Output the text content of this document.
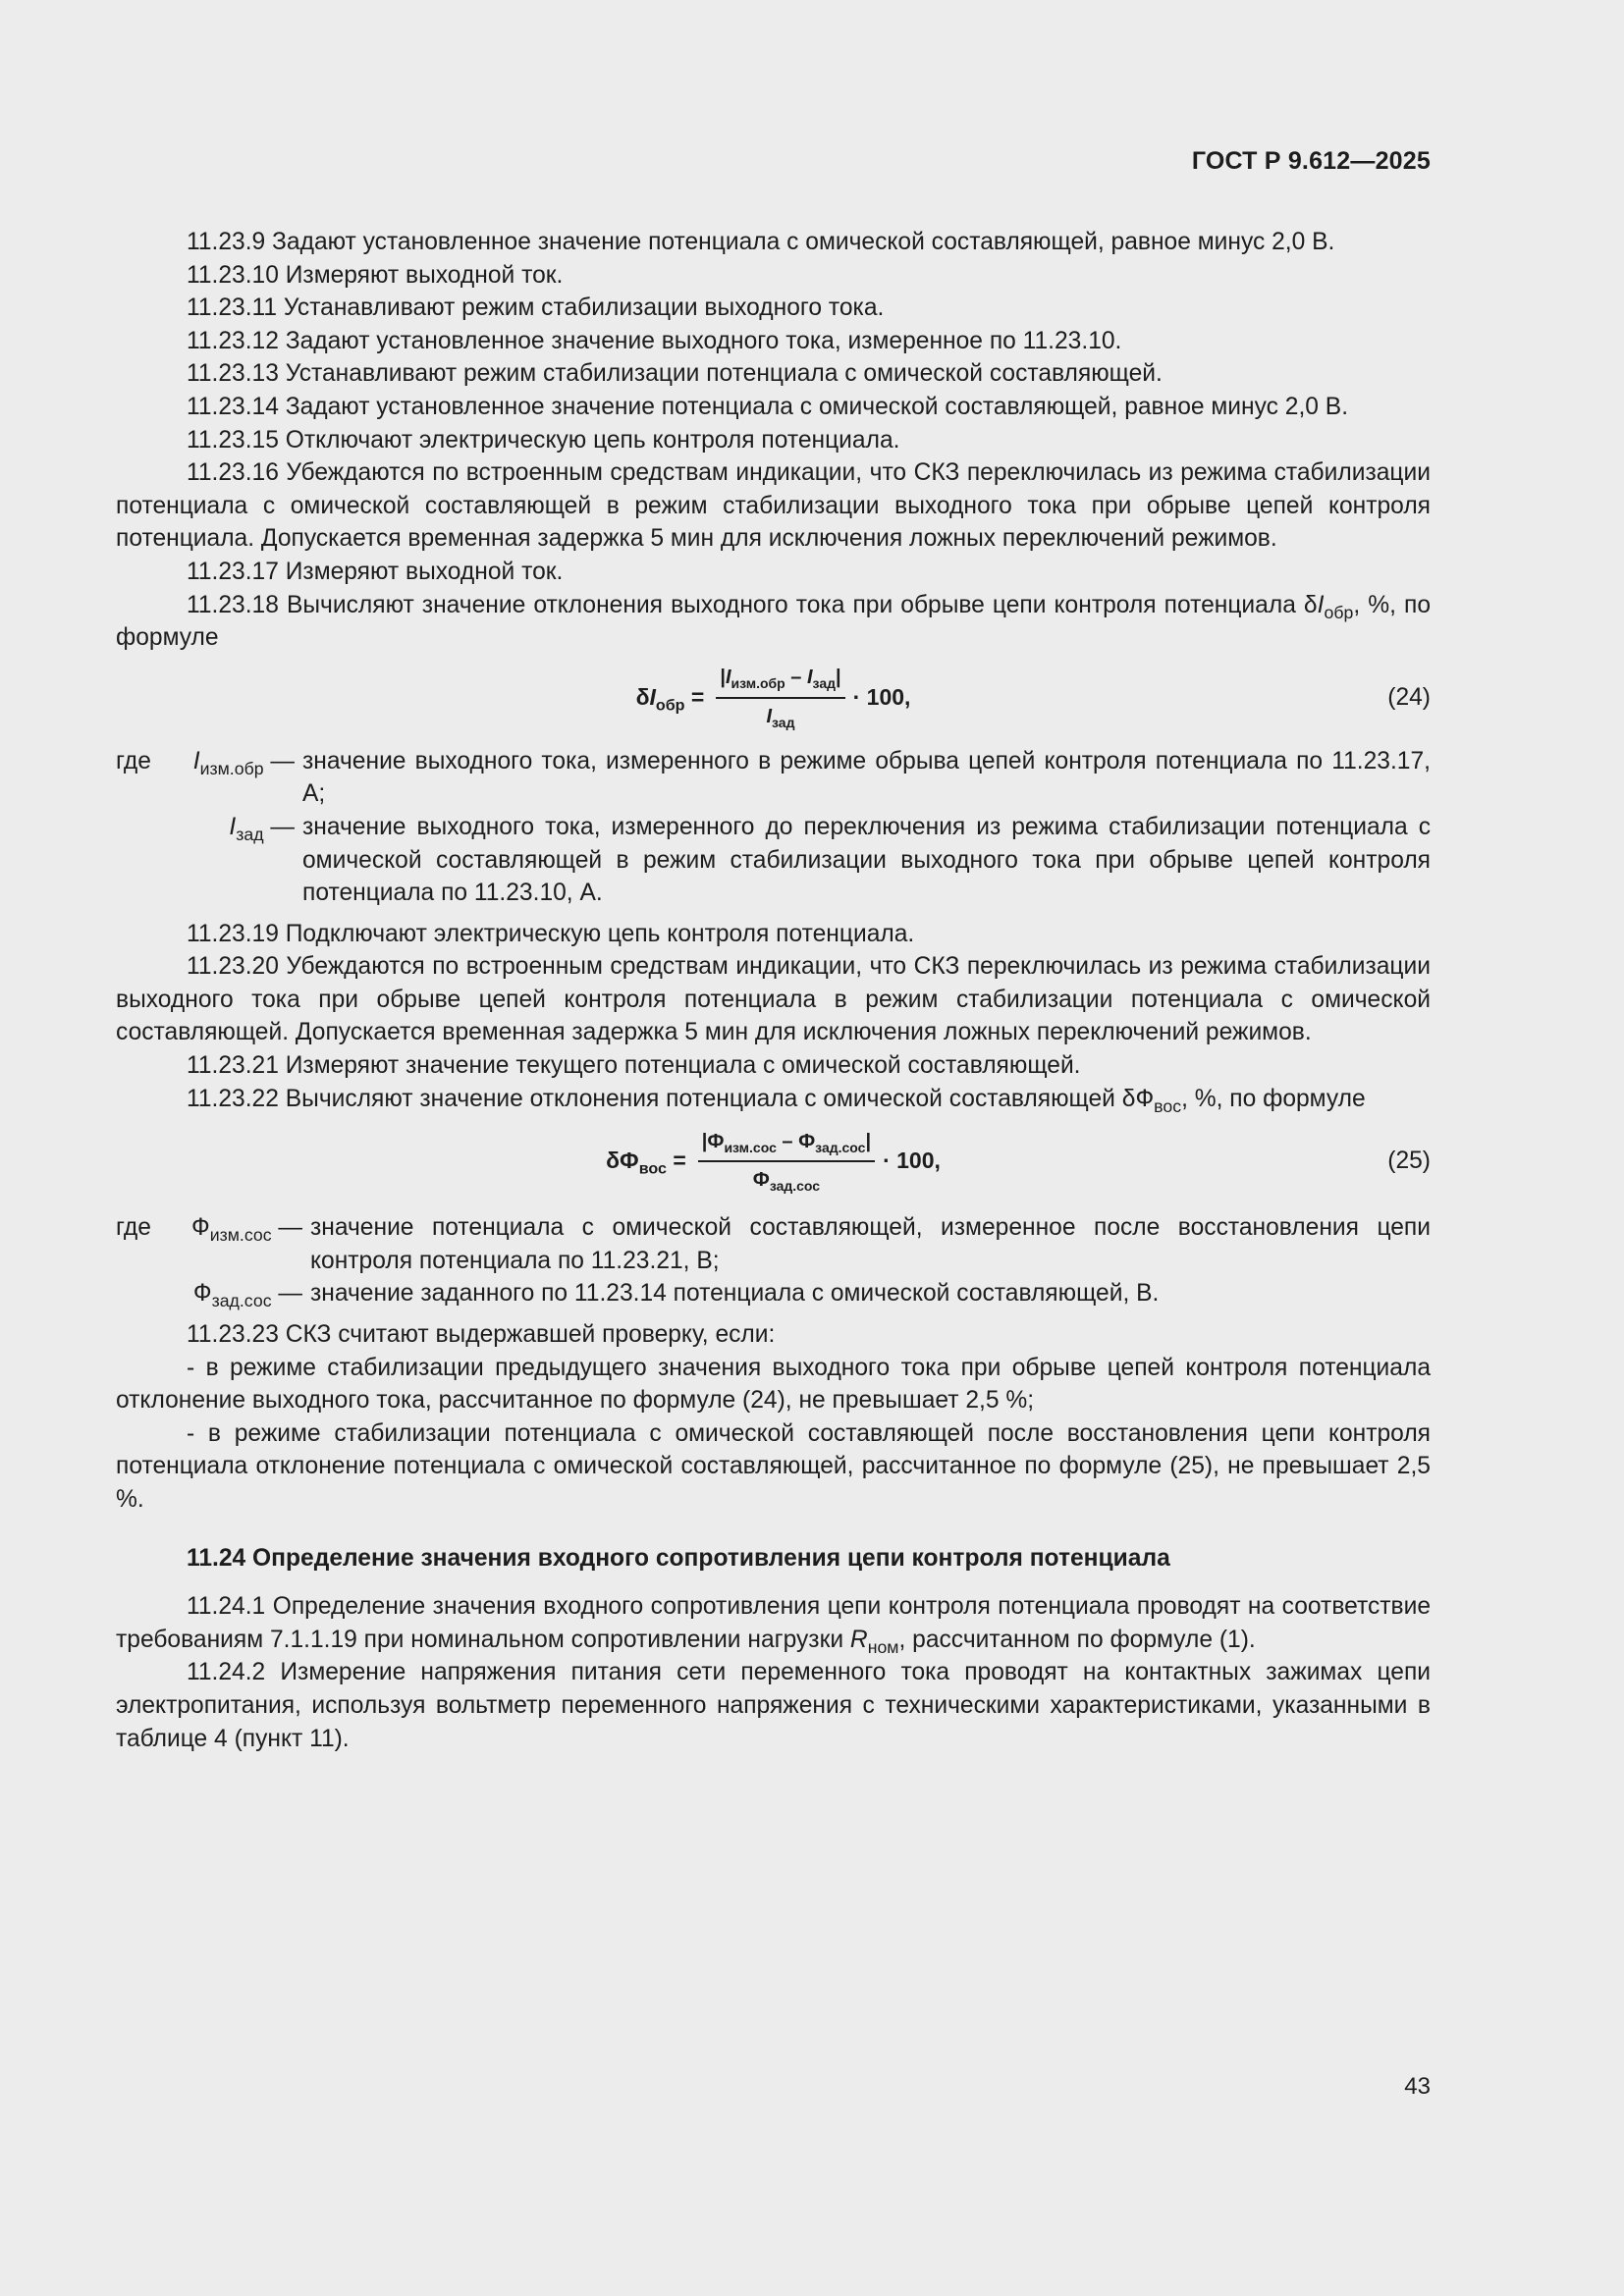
ГОСТ Р 9.612—2025

11.23.9 Задают установленное значение потенциала с омической составляющей, равное минус 2,0 В.

11.23.10 Измеряют выходной ток.

11.23.11 Устанавливают режим стабилизации выходного тока.

11.23.12 Задают установленное значение выходного тока, измеренное по 11.23.10.

11.23.13 Устанавливают режим стабилизации потенциала с омической составляющей.

11.23.14 Задают установленное значение потенциала с омической составляющей, равное минус 2,0 В.

11.23.15 Отключают электрическую цепь контроля потенциала.

11.23.16 Убеждаются по встроенным средствам индикации, что СКЗ переключилась из режима стабилизации потенциала с омической составляющей в режим стабилизации выходного тока при обрыве цепей контроля потенциала. Допускается временная задержка 5 мин для исключения ложных переключений режимов.

11.23.17 Измеряют выходной ток.

11.23.18 Вычисляют значение отклонения выходного тока при обрыве цепи контроля потенциала $\delta I_{обр}$, %, по формуле

$\delta I_{обр} = \frac{|I_{изм.обр} - I_{зад}|}{I_{зад}} \cdot 100$,	(24)
где $I_{изм.обр}$ — значение выходного тока, измеренного в режиме обрыва цепей контроля потенциала по 11.23.17, А;
$I_{зад}$ — значение выходного тока, измеренного до переключения из режима стабилизации потенциала с омической составляющей в режим стабилизации выходного тока при обрыве цепей контроля потенциала по 11.23.10, А.

11.23.19 Подключают электрическую цепь контроля потенциала.

11.23.20 Убеждаются по встроенным средствам индикации, что СКЗ переключилась из режима стабилизации выходного тока при обрыве цепей контроля потенциала в режим стабилизации потенциала с омической составляющей. Допускается временная задержка 5 мин для исключения ложных переключений режимов.

11.23.21 Измеряют значение текущего потенциала с омической составляющей.

11.23.22 Вычисляют значение отклонения потенциала с омической составляющей $\delta Ф_{вос}$, %, по формуле

$\delta Ф_{вос} = \frac{|Ф_{изм.сос} - Ф_{зад.сос}|}{Ф_{зад.сос}} \cdot 100$,	(25)
где $Ф_{изм.сос}$ — значение потенциала с омической составляющей, измеренное после восстановления цепи контроля потенциала по 11.23.21, В;
$Ф_{зад.сос}$ — значение заданного по 11.23.14 потенциала с омической составляющей, В.

11.23.23 СКЗ считают выдержавшей проверку, если:

- в режиме стабилизации предыдущего значения выходного тока при обрыве цепей контроля потенциала отклонение выходного тока, рассчитанное по формуле (24), не превышает 2,5 %;

- в режиме стабилизации потенциала с омической составляющей после восстановления цепи контроля потенциала отклонение потенциала с омической составляющей, рассчитанное по формуле (25), не превышает 2,5 %.

11.24 Определение значения входного сопротивления цепи контроля потенциала

11.24.1 Определение значения входного сопротивления цепи контроля потенциала проводят на соответствие требованиям 7.1.1.19 при номинальном сопротивлении нагрузки $R_{ном}$, рассчитанном по формуле (1).

11.24.2 Измерение напряжения питания сети переменного тока проводят на контактных зажимах цепи электропитания, используя вольтметр переменного напряжения с техническими характеристиками, указанными в таблице 4 (пункт 11).

43
